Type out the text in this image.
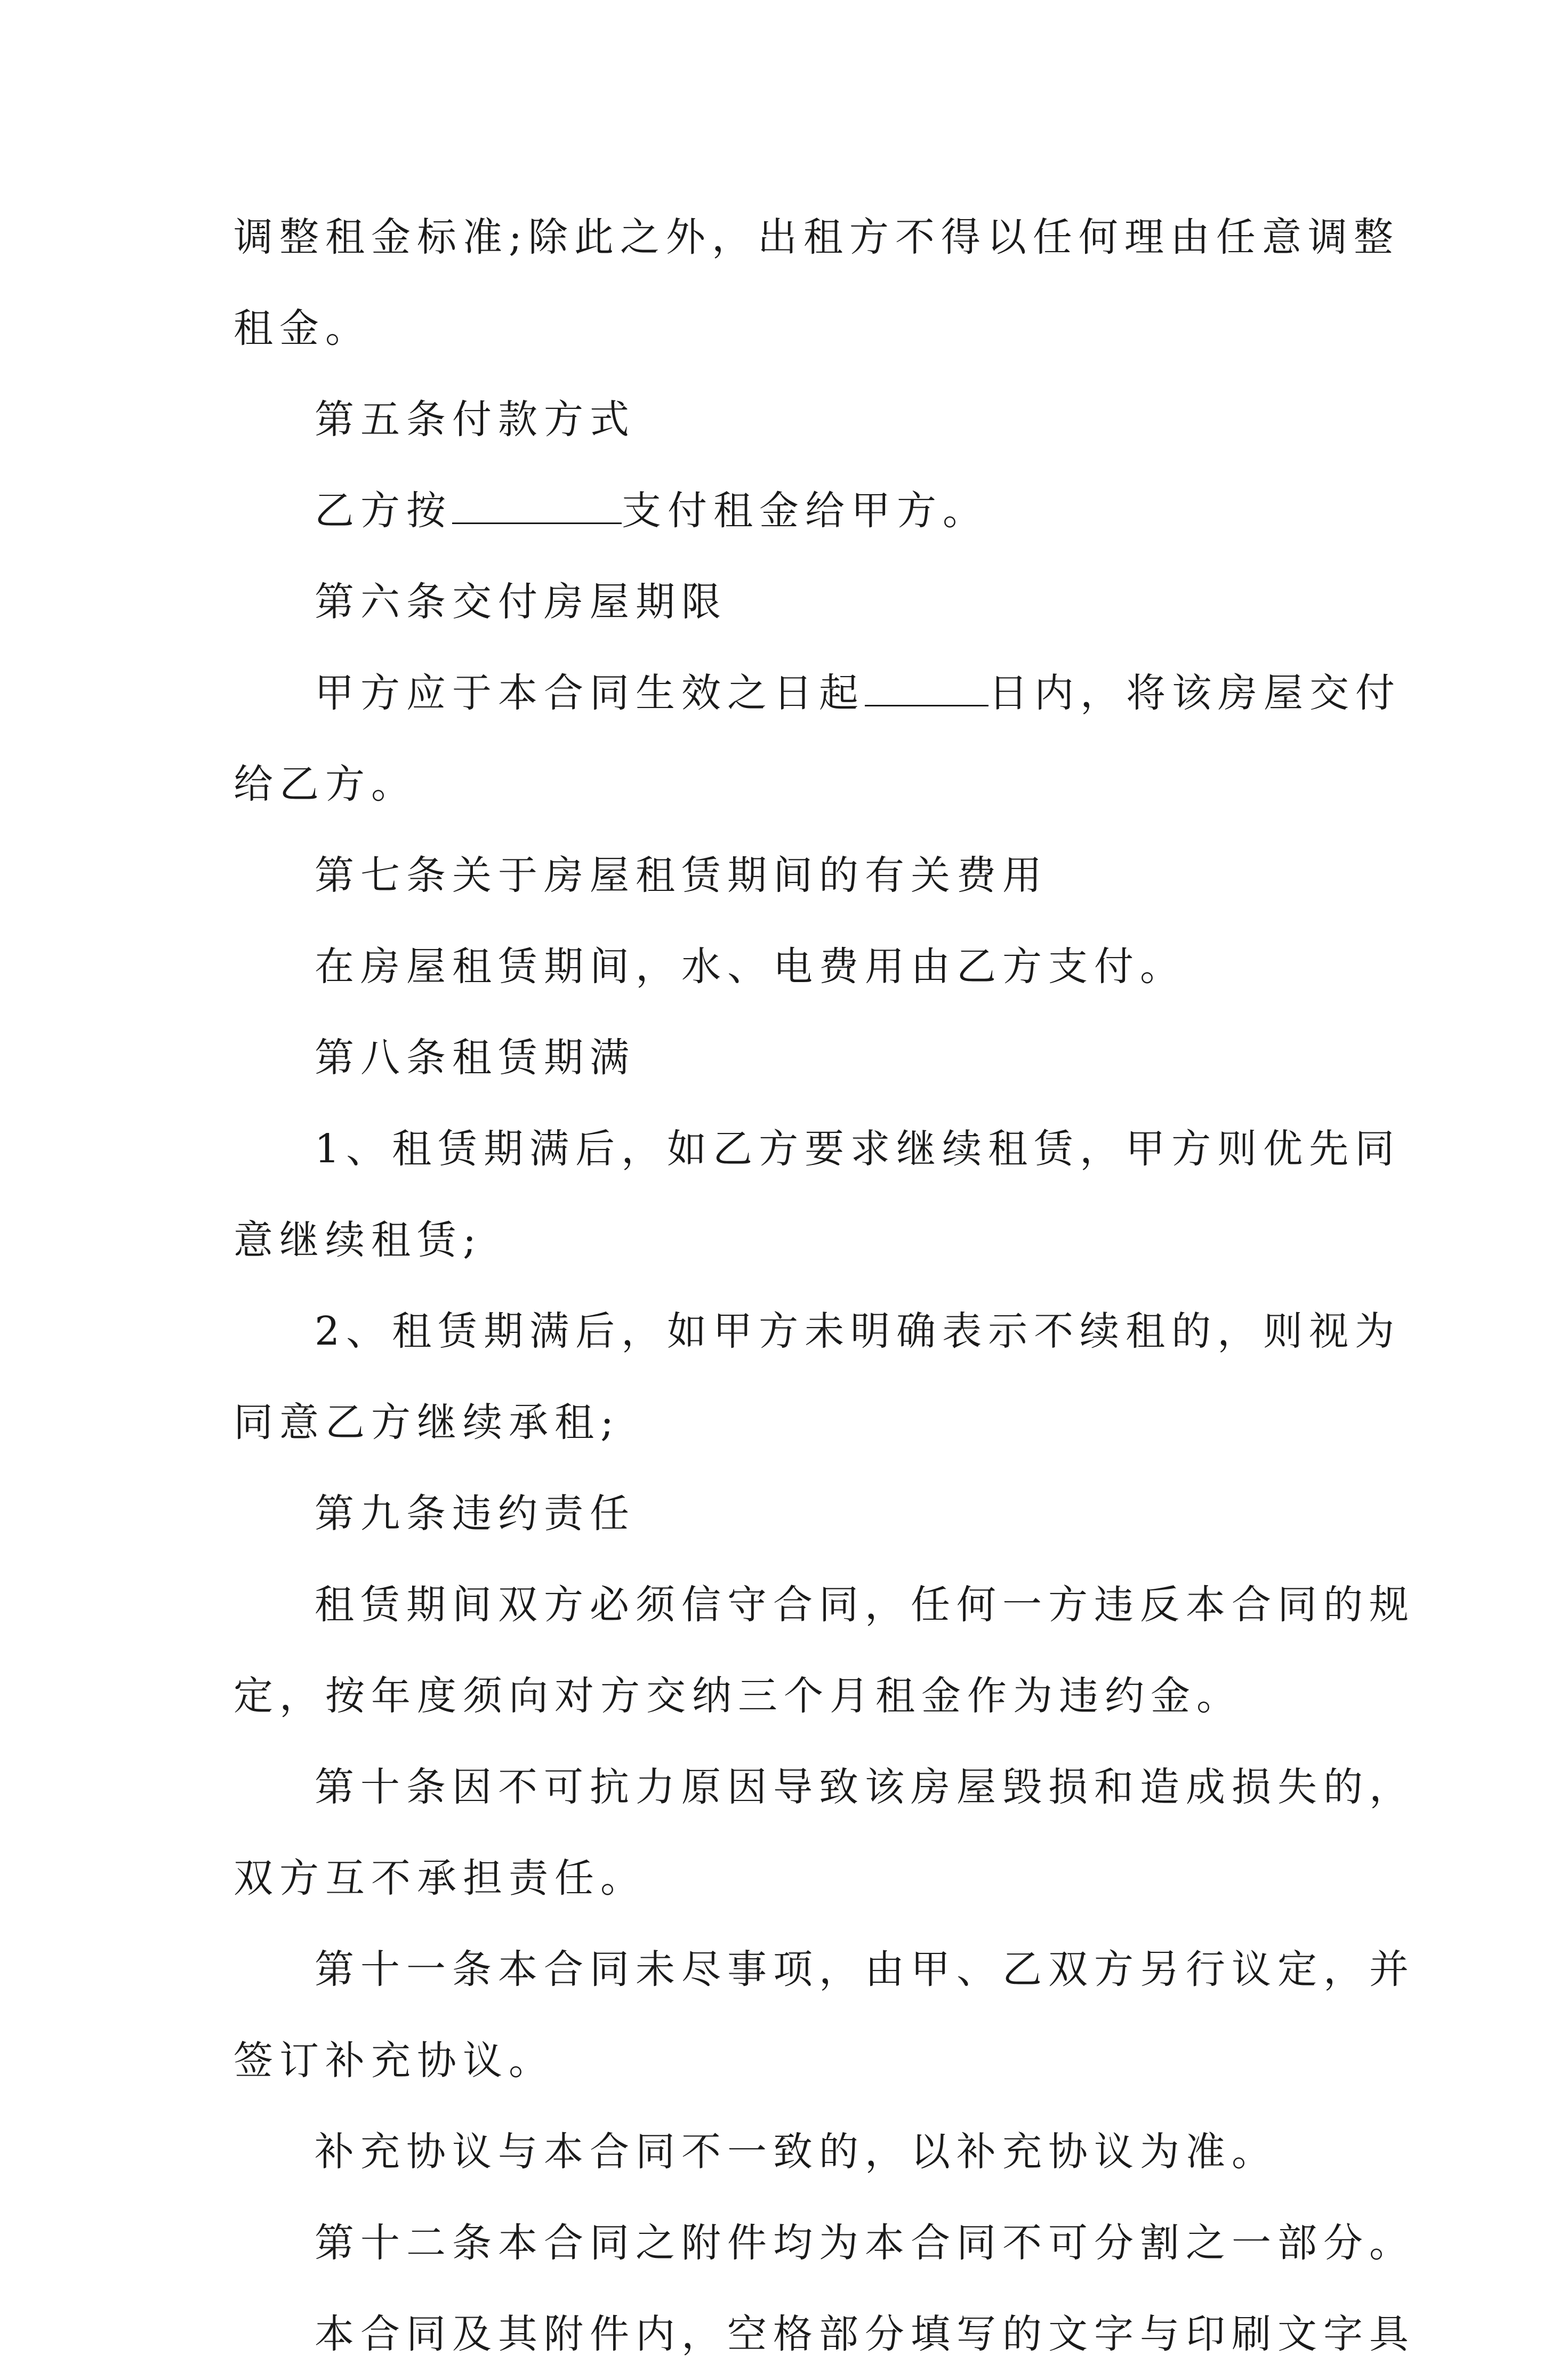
调整租金标准;除此之外，出租方不得以任何理由任意调整
租金。
第五条付款方式
乙方按	支付租金给甲方。
第六条交付房屋期限
甲方应于本合同生效之日起	日内，将该房屋交付
给乙方。
第七条关于房屋租赁期间的有关费用
在房屋租赁期间，水、电费用由乙方支付。
第八条租赁期满
1、租赁期满后，如乙方要求继续租赁，甲方则优先同
意继续租赁;
2、租赁期满后，如甲方未明确表示不续租的，则视为
同意乙方继续承租;
第九条违约责任
租赁期间双方必须信守合同，任何一方违反本合同的规
定，按年度须向对方交纳三个月租金作为违约金。
第十条因不可抗力原因导致该房屋毁损和造成损失的，
双方互不承担责任。
第十一条本合同未尽事项，由甲、乙双方另行议定，并
签订补充协议。
补充协议与本合同不一致的，以补充协议为准。
第十二条本合同之附件均为本合同不可分割之一部分。
本合同及其附件内，空格部分填写的文字与印刷文字具
